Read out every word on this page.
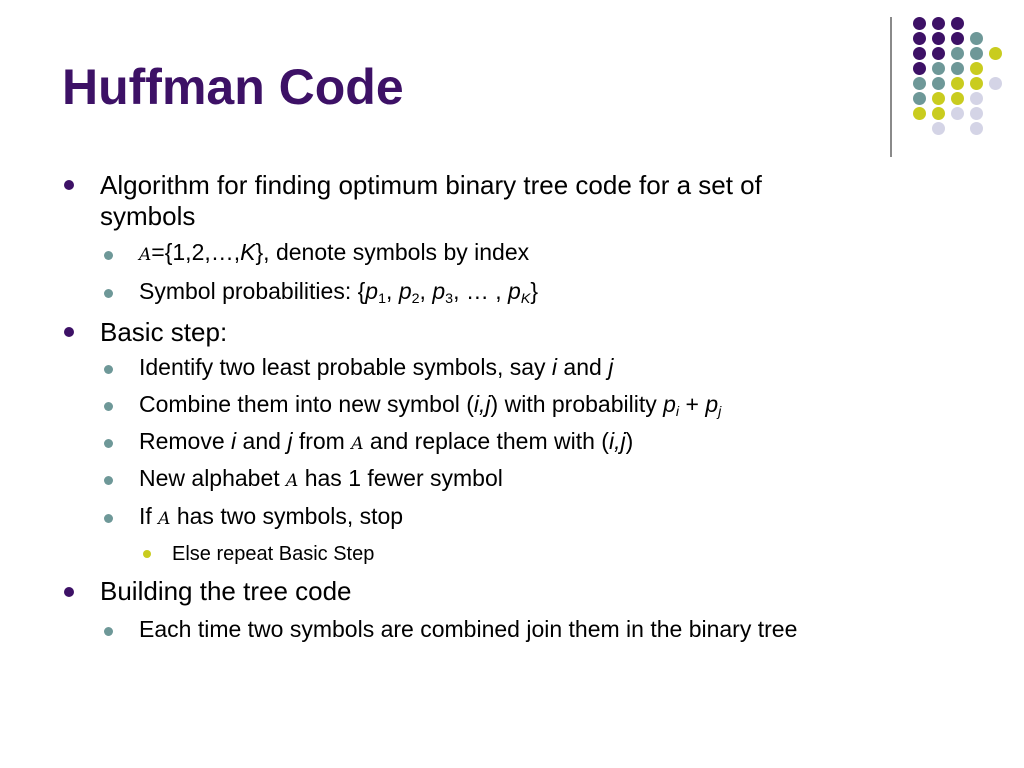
Huffman Code
Algorithm for finding optimum binary tree code for a set of
symbols
A={1,2,…,K}, denote symbols by index
Symbol probabilities: {$p_1$, $p_2$, $p_3$, … , $p_K$}
Basic step:
Identify two least probable symbols, say i and j
Combine them into new symbol (i,j) with probability $p_i + p_j$
Remove i and j from A and replace them with (i,j)
New alphabet A has 1 fewer symbol
If A has two symbols, stop
Else repeat Basic Step
Building the tree code
Each time two symbols are combined join them in the binary tree
